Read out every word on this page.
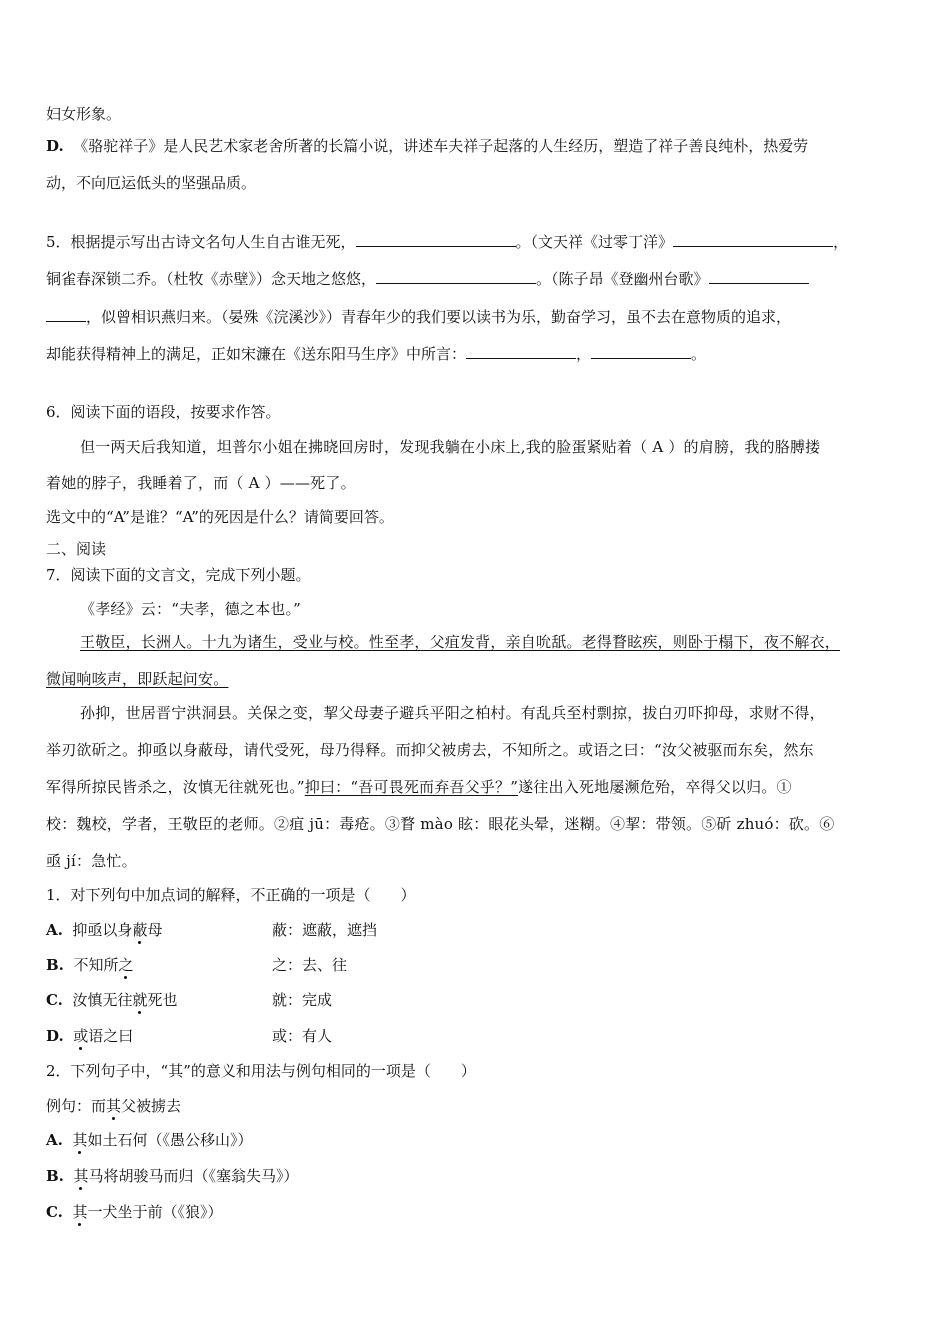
妇女形象。
D. 《骆驼祥子》是人民艺术家老舍所著的长篇小说，讲述车夫祥子起落的人生经历，塑造了祥子善良纯朴，热爱劳
动，不向厄运低头的坚强品质。
5．根据提示写出古诗文名句人生自古谁无死，	。（文天祥《过零丁洋》	，
铜雀春深锁二乔。（杜牧《赤壁》）念天地之悠悠，	。（陈子昂《登幽州台歌》
，似曾相识燕归来。（晏殊《浣溪沙》）青春年少的我们要以读书为乐，勤奋学习，虽不去在意物质的追求，
却能获得精神上的满足，正如宋濂在《送东阳马生序》中所言：	，	。
6．阅读下面的语段，按要求作答。
但一两天后我知道，坦普尔小姐在拂晓回房时，发现我躺在小床上,我的脸蛋紧贴着（ A ）的肩膀，我的胳膊搂
着她的脖子，我睡着了，而（ A ）——死了。
选文中的“A”是谁？“A”的死因是什么？请简要回答。
二、阅读
7．阅读下面的文言文，完成下列小题。
《孝经》云：“夫孝，德之本也。”
王敬臣，长洲人。十九为诸生，受业与校。性至孝，父疽发背，亲自吮舐。老得瞀眩疾，则卧于榻下，夜不解衣，
微闻响咳声，即跃起问安。
孙抑，世居晋宁洪洞县。关保之变，挈父母妻子避兵平阳之柏村。有乱兵至村剽掠，拔白刃吓抑母，求财不得，
举刃欲斫之。抑亟以身蔽母，请代受死，母乃得释。而抑父被虏去，不知所之。或语之曰：“汝父被驱而东矣，然东
军得所掠民皆杀之，汝慎无往就死也。”抑曰：“吾可畏死而弃吾父乎？”遂往出入死地屡濒危殆，卒得父以归。①
校：魏校，学者，王敬臣的老师。②疽 jū：毒疮。③瞀 mào 眩：眼花头晕，迷糊。④挈：带领。⑤斫 zhuó：砍。⑥
亟 jí：急忙。
1．对下列句中加点词的解释，不正确的一项是（　　）
A. 抑亟以身蔽母	蔽：遮蔽，遮挡
B. 不知所之	之：去、往
C. 汝慎无往就死也	就：完成
D. 或语之曰	或：有人
2．下列句子中，“其”的意义和用法与例句相同的一项是（　　）
例句：而其父被掳去
A. 其如土石何（《愚公移山》）
B. 其马将胡骏马而归（《塞翁失马》）
C. 其一犬坐于前（《狼》）
